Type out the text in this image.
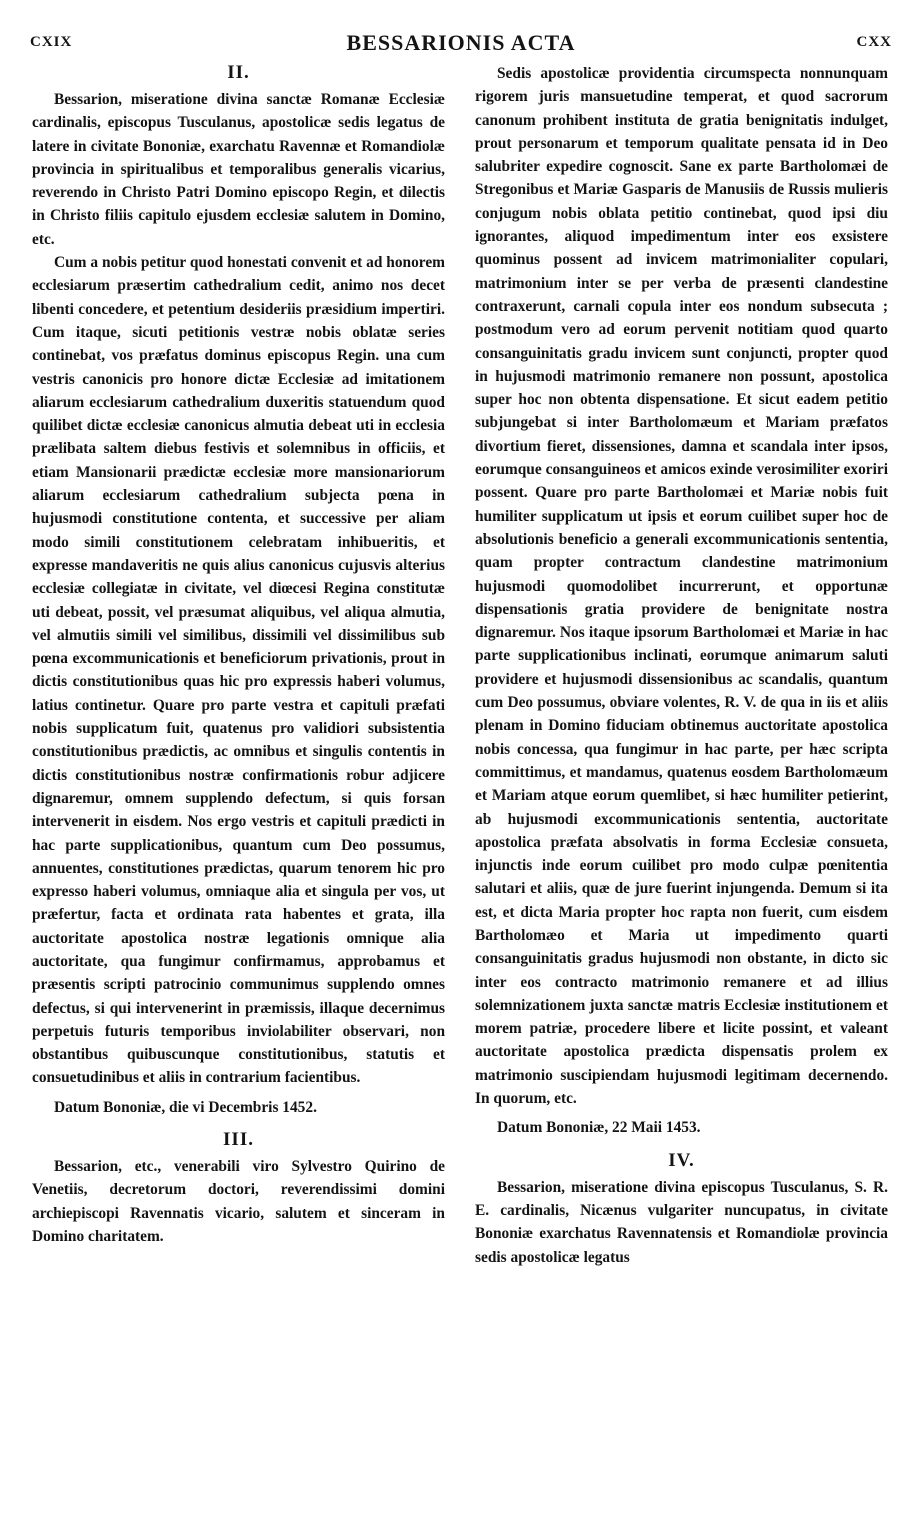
CXIX	BESSARIONIS ACTA	CXX
II.

Bessarion, miseratione divina sanctæ Romanæ Ecclesiæ cardinalis, episcopus Tusculanus, apostolicæ sedis legatus de latere in civitate Bononiæ, exarchatu Ravennæ et Romandiolæ provincia in spiritualibus et temporalibus generalis vicarius, reverendo in Christo Patri Domino episcopo Regin, et dilectis in Christo filiis capitulo ejusdem ecclesiæ salutem in Domino, etc.

Cum a nobis petitur quod honestati convenit et ad honorem ecclesiarum præsertim cathedralium cedit, animo nos decet libenti concedere, et petentium desideriis præsidium impertiri. Cum itaque, sicuti petitionis vestræ nobis oblatæ series continebat, vos præfatus dominus episcopus Regin. una cum vestris canonicis pro honore dictæ Ecclesiæ ad imitationem aliarum ecclesiarum cathedralium duxeritis statuendum quod quilibet dictæ ecclesiæ canonicus almutia debeat uti in ecclesia prælibata saltem diebus festivis et solemnibus in officiis, et etiam Mansionarii prædictæ ecclesiæ more mansionariorum aliarum ecclesiarum cathedralium subjecta pœna in hujusmodi constitutione contenta, et successive per aliam modo simili constitutionem celebratam inhibueritis, et expresse mandaveritis ne quis alius canonicus cujusvis alterius ecclesiæ collegiatæ in civitate, vel diœcesi Regina constitutæ uti debeat, possit, vel præsumat aliquibus, vel aliqua almutia, vel almutiis simili vel similibus, dissimili vel dissimilibus sub pœna excommunicationis et beneficiorum privationis, prout in dictis constitutionibus quas hic pro expressis haberi volumus, latius continetur. Quare pro parte vestra et capituli præfati nobis supplicatum fuit, quatenus pro validiori subsistentia constitutionibus prædictis, ac omnibus et singulis contentis in dictis constitutionibus nostræ confirmationis robur adjicere dignaremur, omnem supplendo defectum, si quis forsan intervenerit in eisdem. Nos ergo vestris et capituli prædicti in hac parte supplicationibus, quantum cum Deo possumus, annuentes, constitutiones prædictas, quarum tenorem hic pro expresso haberi volumus, omniaque alia et singula per vos, ut præfertur, facta et ordinata rata habentes et grata, illa auctoritate apostolica nostræ legationis omnique alia auctoritate, qua fungimur confirmamus, approbamus et præsentis scripti patrocinio communimus supplendo omnes defectus, si qui intervenerint in præmissis, illaque decernimus perpetuis futuris temporibus inviolabiliter observari, non obstantibus quibuscunque constitutionibus, statutis et consuetudinibus et aliis in contrarium facientibus.

Datum Bononiæ, die vi Decembris 1452.

III.

Bessarion, etc., venerabili viro Sylvestro Quirino de Venetiis, decretorum doctori, reverendissimi domini archiepiscopi Ravennatis vicario, salutem et sinceram in Domino charitatem.

Sedis apostolicæ providentia circumspecta nonnunquam rigorem juris mansuetudine temperat, et quod sacrorum canonum prohibent instituta de gratia benignitatis indulget, prout personarum et temporum qualitate pensata id in Deo salubriter expedire cognoscit. Sane ex parte Bartholomæi de Stregonibus et Mariæ Gasparis de Manusiis de Russis mulieris conjugum nobis oblata petitio continebat, quod ipsi diu ignorantes, aliquod impedimentum inter eos exsistere quominus possent ad invicem matrimonialiter copulari, matrimonium inter se per verba de præsenti clandestine contraxerunt, carnali copula inter eos nondum subsecuta ; postmodum vero ad eorum pervenit notitiam quod quarto consanguinitatis gradu invicem sunt conjuncti, propter quod in hujusmodi matrimonio remanere non possunt, apostolica super hoc non obtenta dispensatione. Et sicut eadem petitio subjungebat si inter Bartholomæum et Mariam præfatos divortium fieret, dissensiones, damna et scandala inter ipsos, eorumque consanguineos et amicos exinde verosimiliter exoriri possent. Quare pro parte Bartholomæi et Mariæ nobis fuit humiliter supplicatum ut ipsis et eorum cuilibet super hoc de absolutionis beneficio a generali excommunicationis sententia, quam propter contractum clandestine matrimonium hujusmodi quomodolibet incurrerunt, et opportunæ dispensationis gratia providere de benignitate nostra dignaremur. Nos itaque ipsorum Bartholomæi et Mariæ in hac parte supplicationibus inclinati, eorumque animarum saluti providere et hujusmodi dissensionibus ac scandalis, quantum cum Deo possumus, obviare volentes, R. V. de qua in iis et aliis plenam in Domino fiduciam obtinemus auctoritate apostolica nobis concessa, qua fungimur in hac parte, per hæc scripta committimus, et mandamus, quatenus eosdem Bartholomæum et Mariam atque eorum quemlibet, si hæc humiliter petierint, ab hujusmodi excommunicationis sententia, auctoritate apostolica præfata absolvatis in forma Ecclesiæ consueta, injunctis inde eorum cuilibet pro modo culpæ pœnitentia salutari et aliis, quæ de jure fuerint injungenda. Demum si ita est, et dicta Maria propter hoc rapta non fuerit, cum eisdem Bartholomæo et Maria ut impedimento quarti consanguinitatis gradus hujusmodi non obstante, in dicto sic inter eos contracto matrimonio remanere et ad illius solemnizationem juxta sanctæ matris Ecclesiæ institutionem et morem patriæ, procedere libere et licite possint, et valeant auctoritate apostolica prædicta dispensatis prolem ex matrimonio suscipiendam hujusmodi legitimam decernendo. In quorum, etc.

Datum Bononiæ, 22 Maii 1453.

IV.

Bessarion, miseratione divina episcopus Tusculanus, S. R. E. cardinalis, Nicænus vulgariter nuncupatus, in civitate Bononiæ exarchatus Ravennatensis et Romandiolæ provincia sedis apostolicæ legatus
